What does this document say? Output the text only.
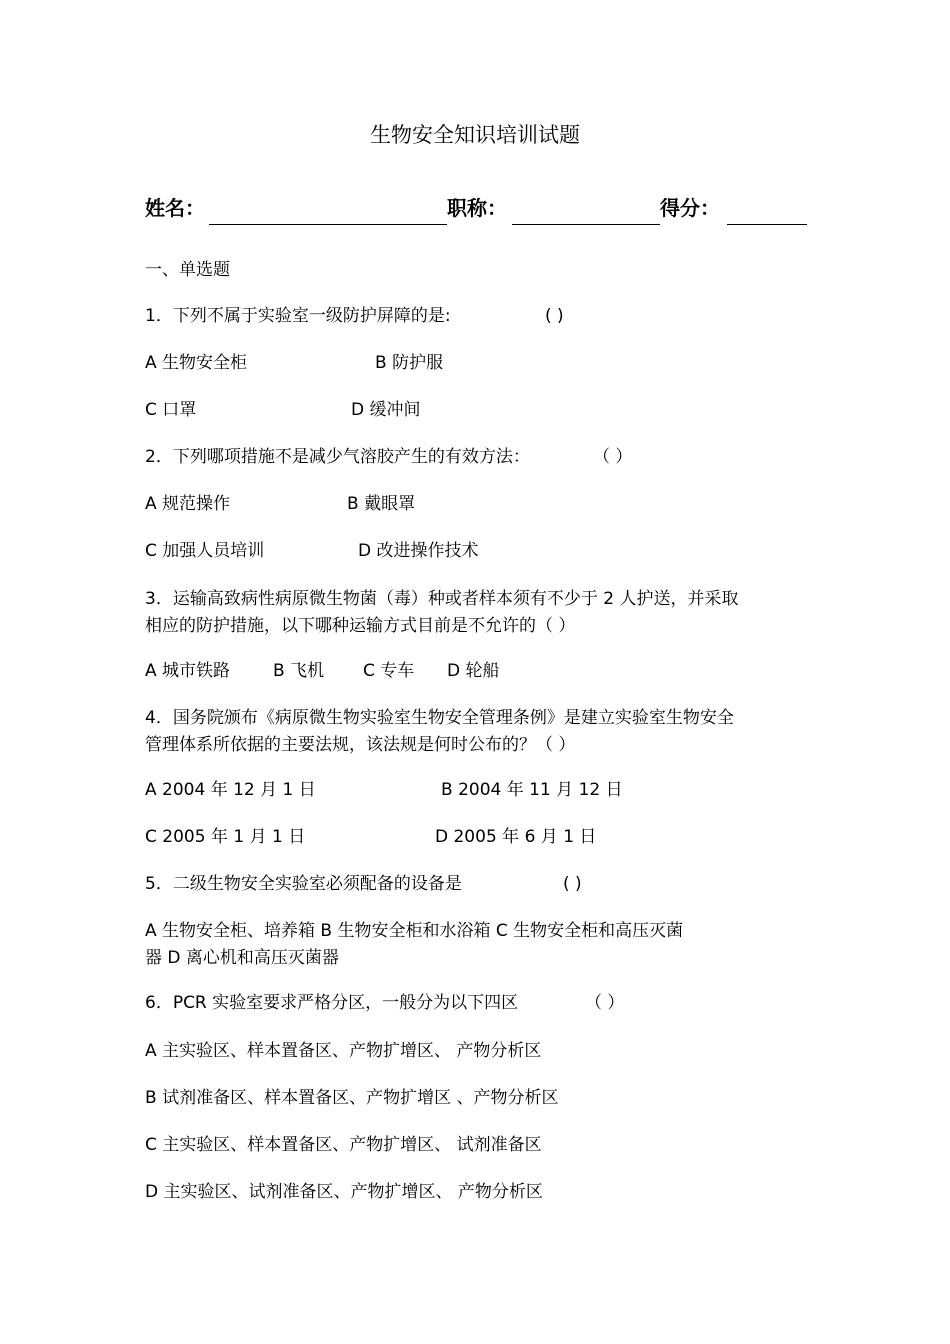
生物安全知识培训试题
姓名：	职称：	得分：
一、单选题
1．下列不属于实验室一级防护屏障的是:	( )
A 生物安全柜	B 防护服
C 口罩	D 缓冲间
2．下列哪项措施不是减少气溶胶产生的有效方法：	（ ）
A 规范操作	B 戴眼罩
C 加强人员培训	D 改进操作技术
3．运输高致病性病原微生物菌（毒）种或者样本须有不少于 2 人护送，并采取
相应的防护措施，以下哪种运输方式目前是不允许的（ ）
A 城市铁路	B 飞机 C 专车 D 轮船
4．国务院颁布《病原微生物实验室生物安全管理条例》是建立实验室生物安全
管理体系所依据的主要法规，该法规是何时公布的？（ ）
A 2004 年 12 月 1 日	B 2004 年 11 月 12 日
C 2005 年 1 月 1 日	D 2005 年 6 月 1 日
5．二级生物安全实验室必须配备的设备是	( )
A 生物安全柜、培养箱 B 生物安全柜和水浴箱 C 生物安全柜和高压灭菌
器 D 离心机和高压灭菌器
6．PCR 实验室要求严格分区，一般分为以下四区	（ ）
A 主实验区、样本置备区、产物扩增区、 产物分析区
B 试剂准备区、样本置备区、产物扩增区 、产物分析区
C 主实验区、样本置备区、产物扩增区、 试剂准备区
D 主实验区、试剂准备区、产物扩增区、 产物分析区
